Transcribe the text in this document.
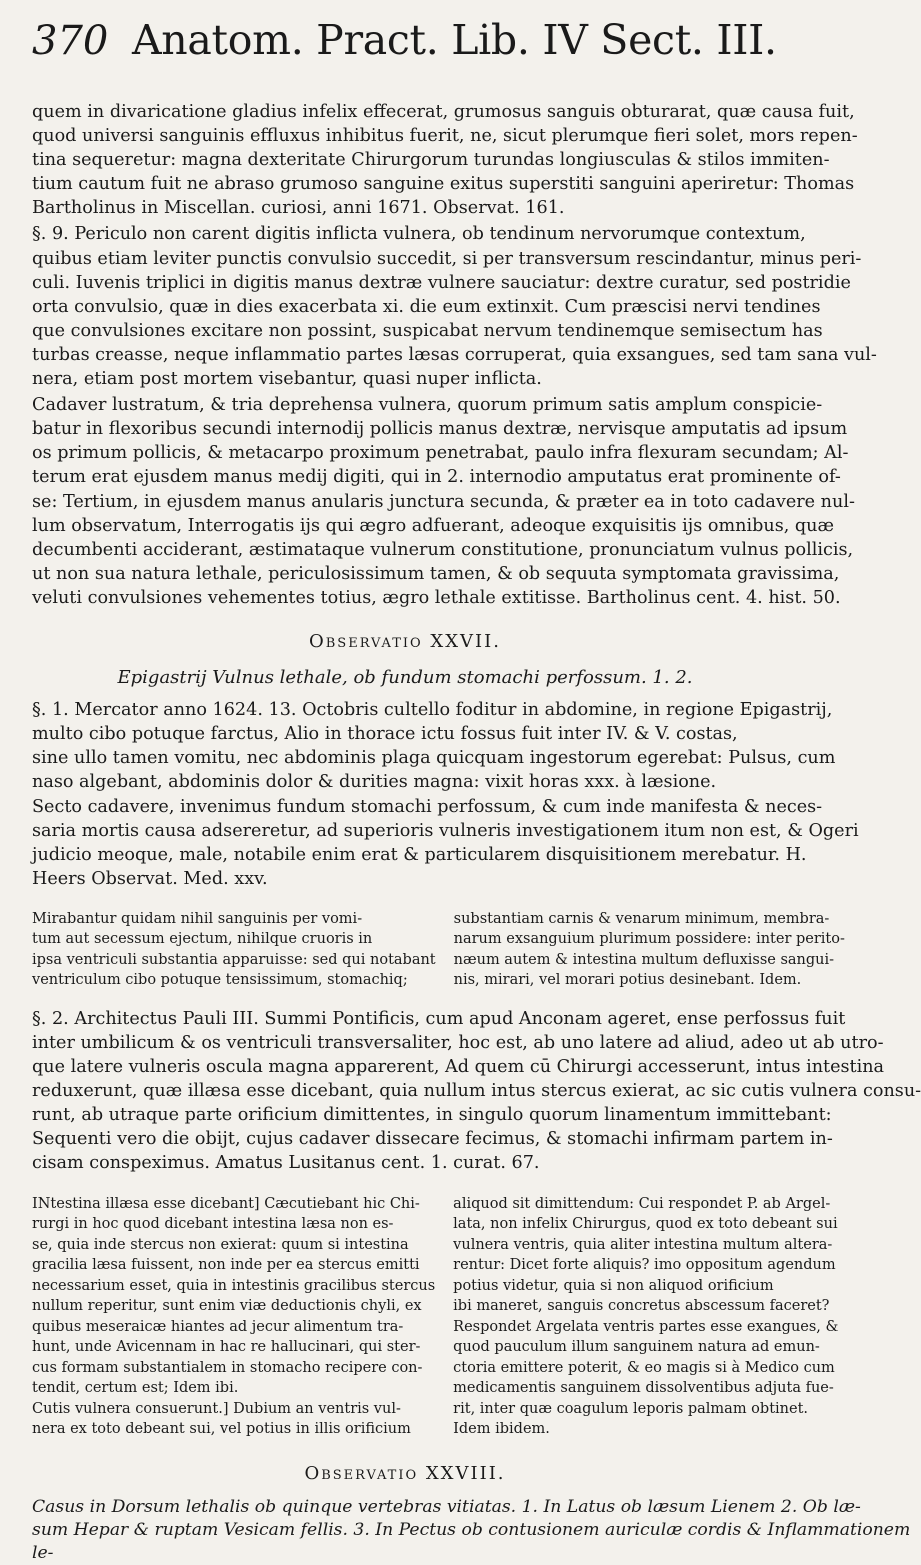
370 Anatom. Pract. Lib. IV Sect. III.
quem in divaricatione gladius infelix effecerat, grumosus sanguis obturarat, quæ causa fuit,
quod universi sanguinis effluxus inhibitus fuerit, ne, sicut plerumque fieri solet, mors repen-
tina sequeretur: magna dexteritate Chirurgorum turundas longiusculas & stilos immiten-
tium cautum fuit ne abraso grumoso sanguine exitus superstiti sanguini aperiretur: Thomas
Bartholinus in Miscellan. curiosi, anni 1671. Observat. 161.
§. 9. Periculo non carent digitis inflicta vulnera, ob tendinum nervorumque contextum,
quibus etiam leviter punctis convulsio succedit, si per transversum rescindantur, minus peri-
culi. Iuvenis triplici in digitis manus dextræ vulnere sauciatur: dextre curatur, sed postridie
orta convulsio, quæ in dies exacerbata xi. die eum extinxit. Cum præscisi nervi tendines
que convulsiones excitare non possint, suspicabat nervum tendinemque semisectum has
turbas creasse, neque inflammatio partes læsas corruperat, quia exsangues, sed tam sana vul-
nera, etiam post mortem visebantur, quasi nuper inflicta.
Cadaver lustratum, & tria deprehensa vulnera, quorum primum satis amplum conspicie-
batur in flexoribus secundi internodij pollicis manus dextræ, nervisque amputatis ad ipsum
os primum pollicis, & metacarpo proximum penetrabat, paulo infra flexuram secundam; Al-
terum erat ejusdem manus medij digiti, qui in 2. internodio amputatus erat prominente of-
se: Tertium, in ejusdem manus anularis junctura secunda, & præter ea in toto cadavere nul-
lum observatum, Interrogatis ijs qui ægro adfuerant, adeoque exquisitis ijs omnibus, quæ
decumbenti acciderant, æstimataque vulnerum constitutione, pronunciatum vulnus pollicis,
ut non sua natura lethale, periculosissimum tamen, & ob sequuta symptomata gravissima,
veluti convulsiones vehementes totius, ægro lethale extitisse. Bartholinus cent. 4. hist. 50.
Observatio XXVII.
Epigastrij Vulnus lethale, ob fundum stomachi perfossum. 1. 2.
§. 1. Mercator anno 1624. 13. Octobris cultello foditur in abdomine, in regione Epigastrij,
multo cibo potuque farctus, Alio in thorace ictu fossus fuit inter IV. & V. costas,
sine ullo tamen vomitu, nec abdominis plaga quicquam ingestorum egerebat: Pulsus, cum
naso algebant, abdominis dolor & durities magna: vixit horas xxx. à læsione.
Secto cadavere, invenimus fundum stomachi perfossum, & cum inde manifesta & neces-
saria mortis causa adsereretur, ad superioris vulneris investigationem itum non est, & Ogeri
judicio meoque, male, notabile enim erat & particularem disquisitionem merebatur. H.
Heers Observat. Med. xxv.
Mirabantur quidam nihil sanguinis per vomi-
tum aut secessum ejectum, nihilque cruoris in
ipsa ventriculi substantia apparuisse: sed qui notabant
ventriculum cibo potuque tensissimum, stomachiq;
substantiam carnis & venarum minimum, membra-
narum exsanguium plurimum possidere: inter perito-
næum autem & intestina multum defluxisse sangui-
nis, mirari, vel morari potius desinebant. Idem.
§. 2. Architectus Pauli III. Summi Pontificis, cum apud Anconam ageret, ense perfossus fuit
inter umbilicum & os ventriculi transversaliter, hoc est, ab uno latere ad aliud, adeo ut ab utro-
que latere vulneris oscula magna apparerent, Ad quem cū Chirurgi accesserunt, intus intestina
reduxerunt, quæ illæsa esse dicebant, quia nullum intus stercus exierat, ac sic cutis vulnera consu-
runt, ab utraque parte orificium dimittentes, in singulo quorum linamentum immittebant:
Sequenti vero die obijt, cujus cadaver dissecare fecimus, & stomachi infirmam partem in-
cisam conspeximus. Amatus Lusitanus cent. 1. curat. 67.
INtestina illæsa esse dicebant] Cæcutiebant hic Chi-
rurgi in hoc quod dicebant intestina læsa non es-
se, quia inde stercus non exierat: quum si intestina
gracilia læsa fuissent, non inde per ea stercus emitti
necessarium esset, quia in intestinis gracilibus stercus
nullum reperitur, sunt enim viæ deductionis chyli, ex
quibus meseraicæ hiantes ad jecur alimentum tra-
hunt, unde Avicennam in hac re hallucinari, qui ster-
cus formam substantialem in stomacho recipere con-
tendit, certum est; Idem ibi.
Cutis vulnera consuerunt.] Dubium an ventris vul-
nera ex toto debeant sui, vel potius in illis orificium
aliquod sit dimittendum: Cui respondet P. ab Argel-
lata, non infelix Chirurgus, quod ex toto debeant sui
vulnera ventris, quia aliter intestina multum altera-
rentur: Dicet forte aliquis? imo oppositum agendum
potius videtur, quia si non aliquod orificium
ibi maneret, sanguis concretus abscessum faceret?
Respondet Argelata ventris partes esse exangues, &
quod pauculum illum sanguinem natura ad emun-
ctoria emittere poterit, & eo magis si à Medico cum
medicamentis sanguinem dissolventibus adjuta fue-
rit, inter quæ coagulum leporis palmam obtinet.
Idem ibidem.
Observatio XXVIII.
Casus in Dorsum lethalis ob quinque vertebras vitiatas. 1. In Latus ob læsum Lienem 2. Ob læ-
sum Hepar & ruptam Vesicam fellis. 3. In Pectus ob contusionem auriculæ cordis & Inflammationem
le-
